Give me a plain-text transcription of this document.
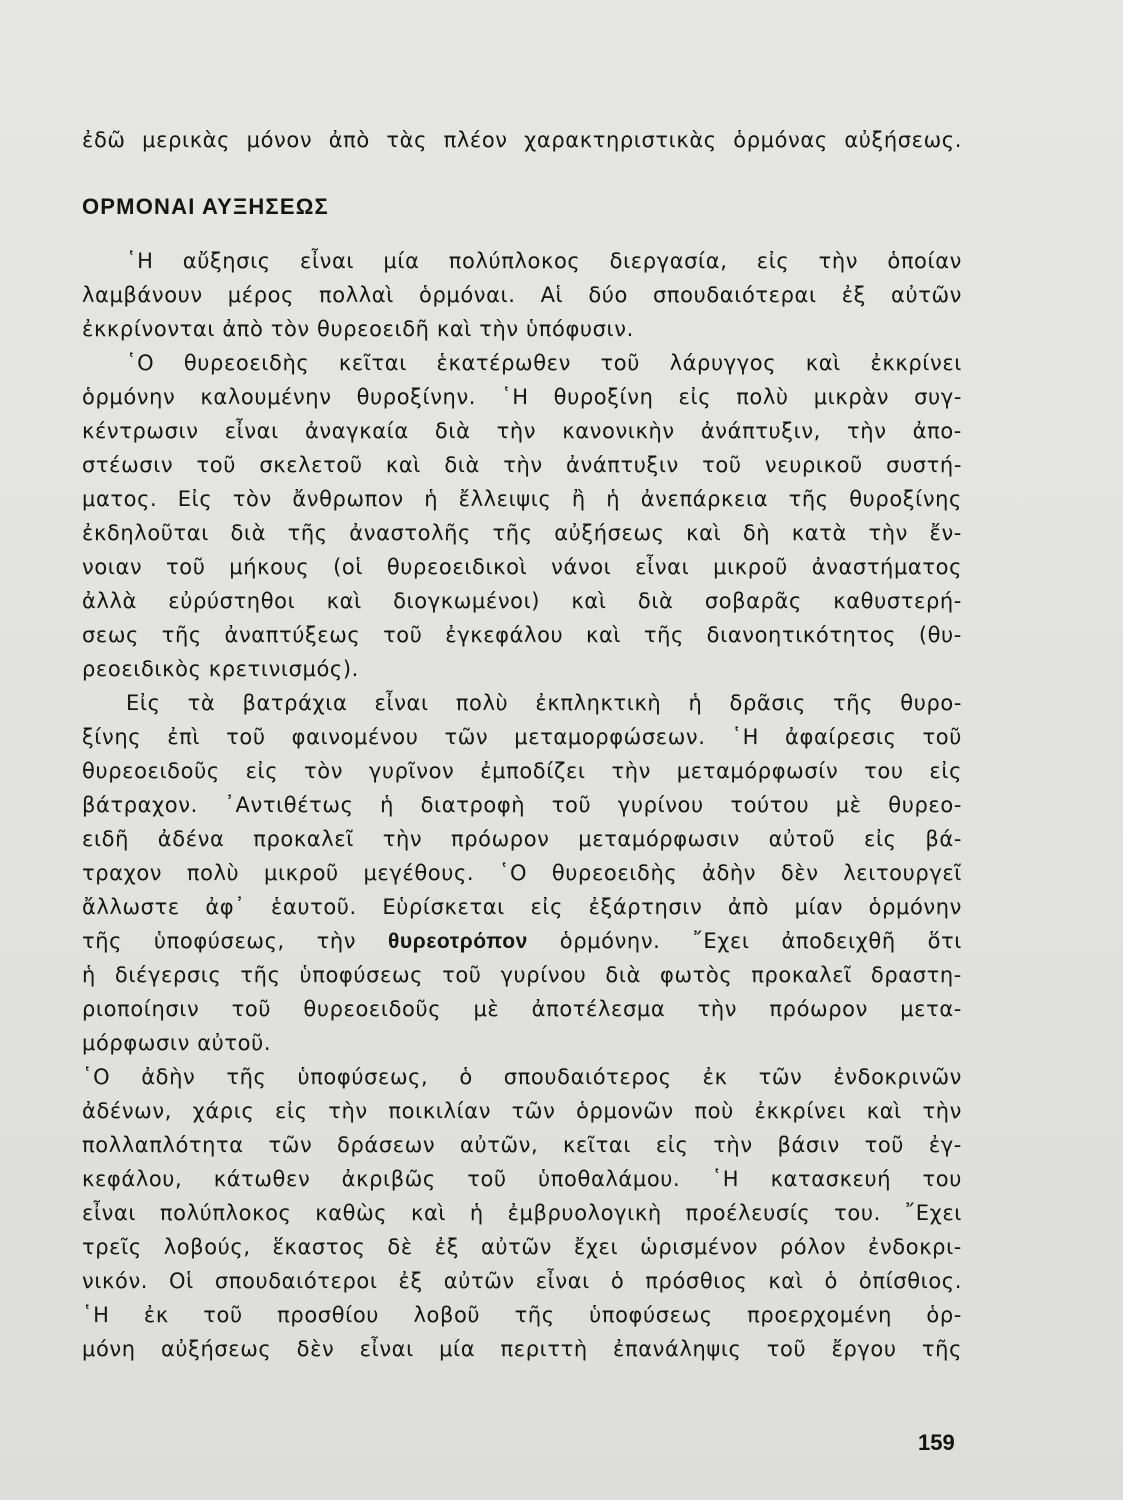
ἐδῶ μερικὰς μόνον ἀπὸ τὰς πλέον χαρακτηριστικὰς ὁρμόνας αὐξήσεως.
ΟΡΜΟΝΑΙ ΑΥΞΗΣΕΩΣ
῾Η αὔξησις εἶναι μία πολύπλοκος διεργασία, εἰς τὴν ὁποίαν
λαμβάνουν μέρος πολλαὶ ὁρμόναι. Αἱ δύο σπουδαιότεραι ἐξ αὐτῶν
ἐκκρίνονται ἀπὸ τὸν θυρεοειδῆ καὶ τὴν ὑπόφυσιν.
῾Ο θυρεοειδὴς κεῖται ἑκατέρωθεν τοῦ λάρυγγος καὶ ἐκκρίνει
ὁρμόνην καλουμένην θυροξίνην. ῾Η θυροξίνη εἰς πολὺ μικρὰν συγ-
κέντρωσιν εἶναι ἀναγκαία διὰ τὴν κανονικὴν ἀνάπτυξιν, τὴν ἀπο-
στέωσιν τοῦ σκελετοῦ καὶ διὰ τὴν ἀνάπτυξιν τοῦ νευρικοῦ συστή-
ματος. Εἰς τὸν ἄνθρωπον ἡ ἔλλειψις ἢ ἡ ἀνεπάρκεια τῆς θυροξίνης
ἐκδηλοῦται διὰ τῆς ἀναστολῆς τῆς αὐξήσεως καὶ δὴ κατὰ τὴν ἔν-
νοιαν τοῦ μήκους (οἱ θυρεοειδικοὶ νάνοι εἶναι μικροῦ ἀναστήματος
ἀλλὰ εὐρύστηθοι καὶ διογκωμένοι) καὶ διὰ σοβαρᾶς καθυστερή-
σεως τῆς ἀναπτύξεως τοῦ ἐγκεφάλου καὶ τῆς διανοητικότητος (θυ-
ρεοειδικὸς κρετινισμός).
Εἰς τὰ βατράχια εἶναι πολὺ ἐκπληκτικὴ ἡ δρᾶσις τῆς θυρο-
ξίνης ἐπὶ τοῦ φαινομένου τῶν μεταμορφώσεων. ῾Η ἀφαίρεσις τοῦ
θυρεοειδοῦς εἰς τὸν γυρῖνον ἐμποδίζει τὴν μεταμόρφωσίν του εἰς
βάτραχον. ᾿Αντιθέτως ἡ διατροφὴ τοῦ γυρίνου τούτου μὲ θυρεο-
ειδῆ ἀδένα προκαλεῖ τὴν πρόωρον μεταμόρφωσιν αὐτοῦ εἰς βά-
τραχον πολὺ μικροῦ μεγέθους. ῾Ο θυρεοειδὴς ἀδὴν δὲν λειτουργεῖ
ἄλλωστε ἀφ᾿ ἑαυτοῦ. Εὑρίσκεται εἰς ἐξάρτησιν ἀπὸ μίαν ὁρμόνην
τῆς ὑποφύσεως, τὴν θυρεοτρόπον ὁρμόνην. ῎Εχει ἀποδειχθῆ ὅτι
ἡ διέγερσις τῆς ὑποφύσεως τοῦ γυρίνου διὰ φωτὸς προκαλεῖ δραστη-
ριοποίησιν τοῦ θυρεοειδοῦς μὲ ἀποτέλεσμα τὴν πρόωρον μετα-
μόρφωσιν αὐτοῦ.
῾Ο ἀδὴν τῆς ὑποφύσεως, ὁ σπουδαιότερος ἐκ τῶν ἐνδοκρινῶν
ἀδένων, χάρις εἰς τὴν ποικιλίαν τῶν ὁρμονῶν ποὺ ἐκκρίνει καὶ τὴν
πολλαπλότητα τῶν δράσεων αὐτῶν, κεῖται εἰς τὴν βάσιν τοῦ ἐγ-
κεφάλου, κάτωθεν ἀκριβῶς τοῦ ὑποθαλάμου. ῾Η κατασκευή του
εἶναι πολύπλοκος καθὼς καὶ ἡ ἐμβρυολογικὴ προέλευσίς του. ῎Εχει
τρεῖς λοβούς, ἕκαστος δὲ ἐξ αὐτῶν ἔχει ὡρισμένον ρόλον ἐνδοκρι-
νικόν. Οἱ σπουδαιότεροι ἐξ αὐτῶν εἶναι ὁ πρόσθιος καὶ ὁ ὀπίσθιος.
῾Η ἐκ τοῦ προσθίου λοβοῦ τῆς ὑποφύσεως προερχομένη ὁρ-
μόνη αὐξήσεως δὲν εἶναι μία περιττὴ ἐπανάληψις τοῦ ἔργου τῆς
159
